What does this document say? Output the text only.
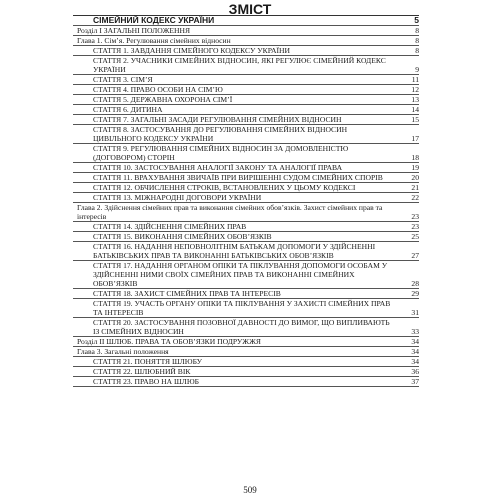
ЗМІСТ
СІМЕЙНИЙ КОДЕКС УКРАЇНИ	5
Розділ І ЗАГАЛЬНІ ПОЛОЖЕННЯ	8
Глава 1. Сім’я. Регулювання сімейних відносин	8
СТАТТЯ 1. ЗАВДАННЯ СІМЕЙНОГО КОДЕКСУ УКРАЇНИ	8
СТАТТЯ 2. УЧАСНИКИ СІМЕЙНИХ ВІДНОСИН, ЯКІ РЕГУЛЮЄ СІМЕЙНИЙ КОДЕКС УКРАЇНИ	9
СТАТТЯ 3. СІМ’Я	11
СТАТТЯ 4. ПРАВО ОСОБИ НА СІМ’Ю	12
СТАТТЯ 5. ДЕРЖАВНА ОХОРОНА СІМ’Ї	13
СТАТТЯ 6. ДИТИНА	14
СТАТТЯ 7. ЗАГАЛЬНІ ЗАСАДИ РЕГУЛЮВАННЯ СІМЕЙНИХ ВІДНОСИН	15
СТАТТЯ 8. ЗАСТОСУВАННЯ ДО РЕГУЛЮВАННЯ СІМЕЙНИХ ВІДНОСИН ЦИВІЛЬНОГО КОДЕКСУ УКРАЇНИ	17
СТАТТЯ 9. РЕГУЛЮВАННЯ СІМЕЙНИХ ВІДНОСИН ЗА ДОМОВЛЕНІСТЮ (ДОГОВОРОМ) СТОРІН	18
СТАТТЯ 10. ЗАСТОСУВАННЯ АНАЛОГІЇ ЗАКОНУ ТА АНАЛОГІЇ ПРАВА	19
СТАТТЯ 11. ВРАХУВАННЯ ЗВИЧАЇВ ПРИ ВИРІШЕННІ СУДОМ СІМЕЙНИХ СПОРІВ	20
СТАТТЯ 12. ОБЧИСЛЕННЯ СТРОКІВ, ВСТАНОВЛЕНИХ У ЦЬОМУ КОДЕКСІ	21
СТАТТЯ 13. МІЖНАРОДНІ ДОГОВОРИ УКРАЇНИ	22
Глава 2. Здійснення сімейних прав та виконання сімейних обов’язків. Захист сімейних прав та інтересів	23
СТАТТЯ 14. ЗДІЙСНЕННЯ СІМЕЙНИХ ПРАВ	23
СТАТТЯ 15. ВИКОНАННЯ СІМЕЙНИХ ОБОВ’ЯЗКІВ	25
СТАТТЯ 16. НАДАННЯ НЕПОВНОЛІТНІМ БАТЬКАМ ДОПОМОГИ У ЗДІЙСНЕННІ БАТЬКІВСЬКИХ ПРАВ ТА ВИКОНАННІ БАТЬКІВСЬКИХ ОБОВ’ЯЗКІВ	27
СТАТТЯ 17. НАДАННЯ ОРГАНОМ ОПІКИ ТА ПІКЛУВАННЯ ДОПОМОГИ ОСОБАМ У ЗДІЙСНЕННІ НИМИ СВОЇХ СІМЕЙНИХ ПРАВ ТА ВИКОНАННІ СІМЕЙНИХ ОБОВ’ЯЗКІВ	28
СТАТТЯ 18. ЗАХИСТ СІМЕЙНИХ ПРАВ ТА ІНТЕРЕСІВ	29
СТАТТЯ 19. УЧАСТЬ ОРГАНУ ОПІКИ ТА ПІКЛУВАННЯ У ЗАХИСТІ СІМЕЙНИХ ПРАВ ТА ІНТЕРЕСІВ	31
СТАТТЯ 20. ЗАСТОСУВАННЯ ПОЗОВНОЇ ДАВНОСТІ ДО ВИМОГ, ЩО ВИПЛИВАЮТЬ ІЗ СІМЕЙНИХ ВІДНОСИН	33
Розділ ІІ ШЛЮБ. ПРАВА ТА ОБОВ’ЯЗКИ ПОДРУЖЖЯ	34
Глава 3. Загальні положення	34
СТАТТЯ 21. ПОНЯТТЯ ШЛЮБУ	34
СТАТТЯ 22. ШЛЮБНИЙ ВІК	36
СТАТТЯ 23. ПРАВО НА ШЛЮБ	37
509
